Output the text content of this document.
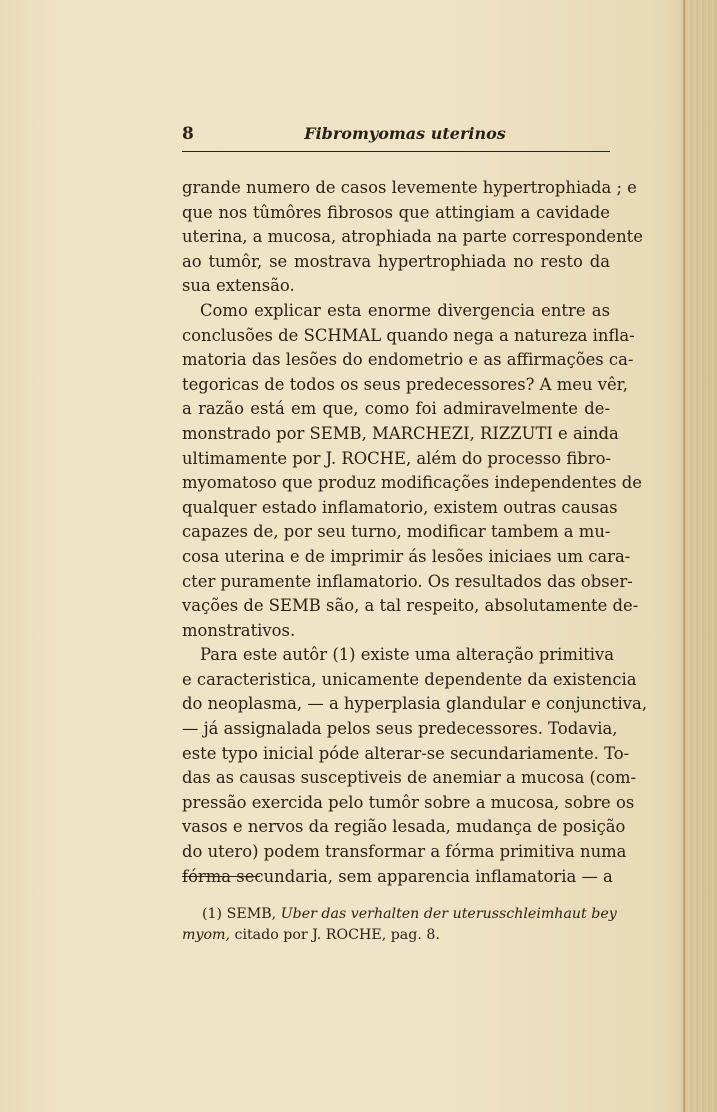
8	Fibromyomas uterinos

grande numero de casos levemente hypertrophiada ; e
que nos tûmôres fibrosos que attingiam a cavidade
uterina, a mucosa, atrophiada na parte correspondente
ao tumôr, se mostrava hypertrophiada no resto da
sua extensão.

Como explicar esta enorme divergencia entre as
conclusões de SCHMAL quando nega a natureza infla-
matoria das lesões do endometrio e as affirmações ca-
tegoricas de todos os seus predecessores? A meu vêr,
a razão está em que, como foi admiravelmente de-
monstrado por SEMB, MARCHEZI, RIZZUTI e ainda
ultimamente por J. ROCHE, além do processo fibro-
myomatoso que produz modificações independentes de
qualquer estado inflamatorio, existem outras causas
capazes de, por seu turno, modificar tambem a mu-
cosa uterina e de imprimir ás lesões iniciaes um cara-
cter puramente inflamatorio. Os resultados das obser-
vações de SEMB são, a tal respeito, absolutamente de-
monstrativos.

Para este autôr (1) existe uma alteração primitiva
e caracteristica, unicamente dependente da existencia
do neoplasma, — a hyperplasia glandular e conjunctiva,
— já assignalada pelos seus predecessores. Todavia,
este typo inicial póde alterar-se secundariamente. To-
das as causas susceptiveis de anemiar a mucosa (com-
pressão exercida pelo tumôr sobre a mucosa, sobre os
vasos e nervos da região lesada, mudança de posição
do utero) podem transformar a fórma primitiva numa
fórma secundaria, sem apparencia inflamatoria — a

(1) SEMB, Uber das verhalten der uterusschleimhaut bey
myom, citado por J. ROCHE, pag. 8.
